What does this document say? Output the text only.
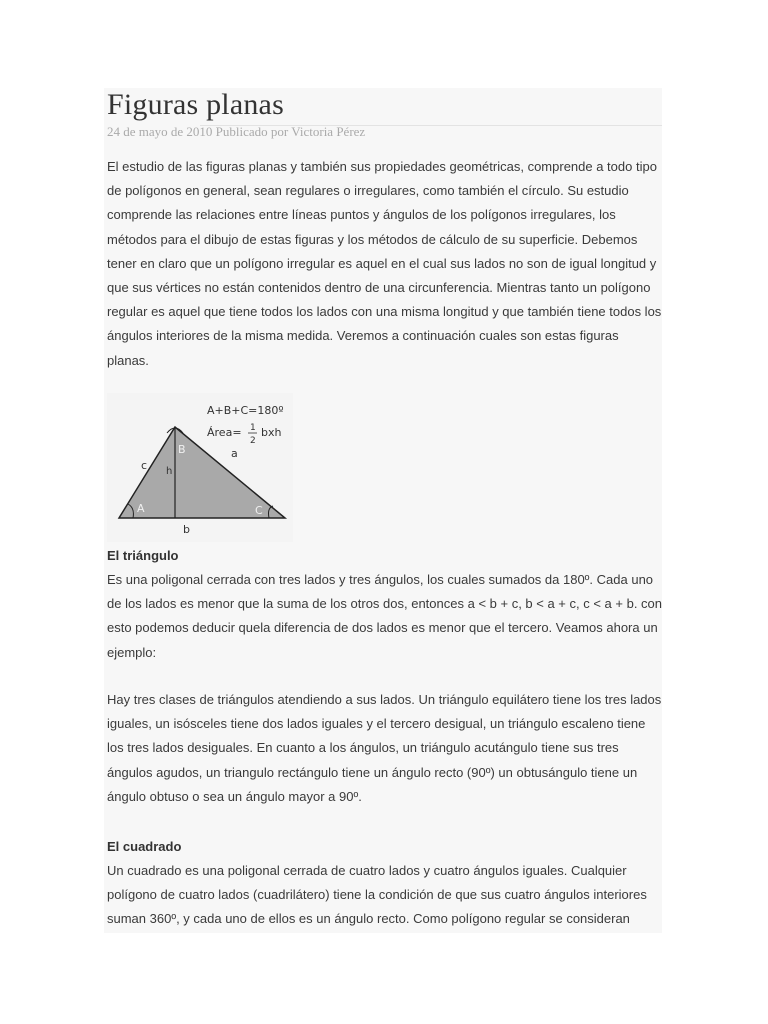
Figuras planas
24 de mayo de 2010 Publicado por Victoria Pérez

El estudio de las figuras planas y también sus propiedades geométricas, comprende a todo tipo de polígonos en general, sean regulares o irregulares, como también el círculo. Su estudio comprende las relaciones entre líneas puntos y ángulos de los polígonos irregulares, los métodos para el dibujo de estas figuras y los métodos de cálculo de su superficie. Debemos tener en claro que un polígono irregular es aquel en el cual sus lados no son de igual longitud y que sus vértices no están contenidos dentro de una circunferencia. Mientras tanto un polígono regular es aquel que tiene todos los lados con una misma longitud y que también tiene todos los ángulos interiores de la misma medida. Veremos a continuación cuales son estas figuras planas.

A+B+C=180º
Área= 1
2
bxh
a
c
b
h
B
A	C
El triángulo

Es una poligonal cerrada con tres lados y tres ángulos, los cuales sumados da 180º. Cada uno de los lados es menor que la suma de los otros dos, entonces a < b + c, b < a + c, c < a + b. con esto podemos deducir quela diferencia de dos lados es menor que el tercero. Veamos ahora un ejemplo:

Hay tres clases de triángulos atendiendo a sus lados. Un triángulo equilátero tiene los tres lados iguales, un isósceles tiene dos lados iguales y el tercero desigual, un triángulo escaleno tiene los tres lados desiguales. En cuanto a los ángulos, un triángulo acutángulo tiene sus tres ángulos agudos, un triangulo rectángulo tiene un ángulo recto (90º) un obtusángulo tiene un ángulo obtuso o sea un ángulo mayor a 90º.

El cuadrado

Un cuadrado es una poligonal cerrada de cuatro lados y cuatro ángulos iguales. Cualquier polígono de cuatro lados (cuadrilátero) tiene la condición de que sus cuatro ángulos interiores suman 360º, y cada uno de ellos es un ángulo recto. Como polígono regular se consideran
